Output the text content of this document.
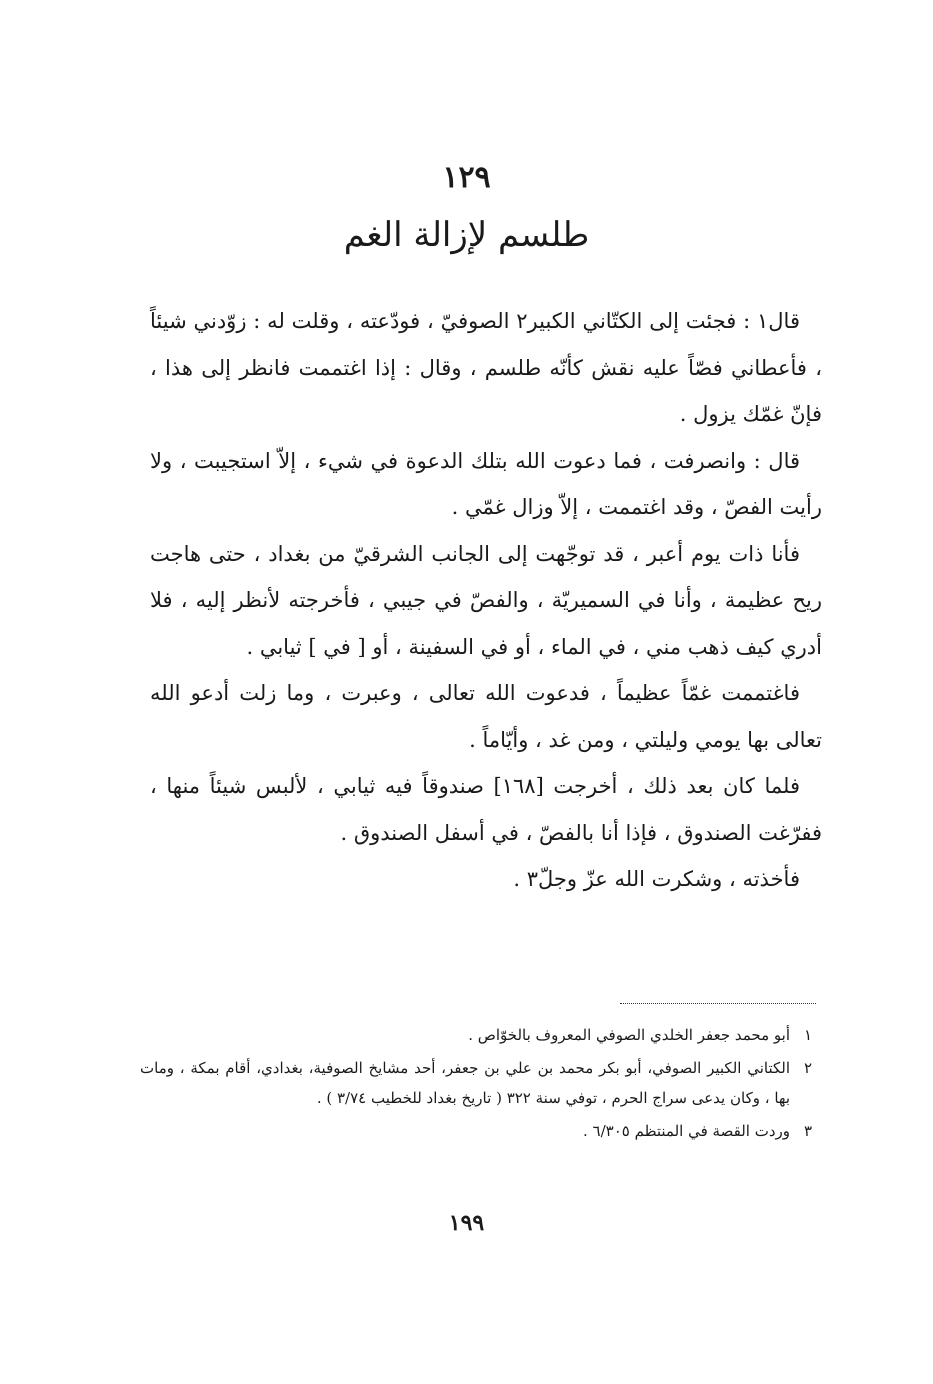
١٢٩
طلسم لإزالة الغم

قال١ : فجئت إلى الكتّاني الكبير٢ الصوفيّ ، فودّعته ، وقلت له : زوّدني شيئاً ، فأعطاني فصّاً عليه نقش كأنّه طلسم ، وقال : إذا اغتممت فانظر إلى هذا ، فإنّ غمّك يزول .

قال : وانصرفت ، فما دعوت الله بتلك الدعوة في شيء ، إلاّ استجيبت ، ولا رأيت الفصّ ، وقد اغتممت ، إلاّ وزال غمّي .

فأنا ذات يوم أعبر ، قد توجّهت إلى الجانب الشرقيّ من بغداد ، حتى هاجت ريح عظيمة ، وأنا في السميريّة ، والفصّ في جيبي ، فأخرجته لأنظر إليه ، فلا أدري كيف ذهب مني ، في الماء ، أو في السفينة ، أو [ في ] ثيابي .

فاغتممت غمّاً عظيماً ، فدعوت الله تعالى ، وعبرت ، وما زلت أدعو الله تعالى بها يومي وليلتي ، ومن غد ، وأيّاماً .

فلما كان بعد ذلك ، أخرجت [١٦٨] صندوقاً فيه ثيابي ، لألبس شيئاً منها ، ففرّغت الصندوق ، فإذا أنا بالفصّ ، في أسفل الصندوق .

فأخذته ، وشكرت الله عزّ وجلّ٣ .

١
أبو محمد جعفر الخلدي الصوفي المعروف بالخوّاص .
٢
الكتاني الكبير الصوفي، أبو بكر محمد بن علي بن جعفر، أحد مشايخ الصوفية، بغدادي، أقام بمكة ، ومات بها ، وكان يدعى سراج الحرم ، توفي سنة ٣٢٢ ( تاريخ بغداد للخطيب ٣/٧٤ ) .
٣
وردت القصة في المنتظم ٦/٣٠٥ .
١٩٩
